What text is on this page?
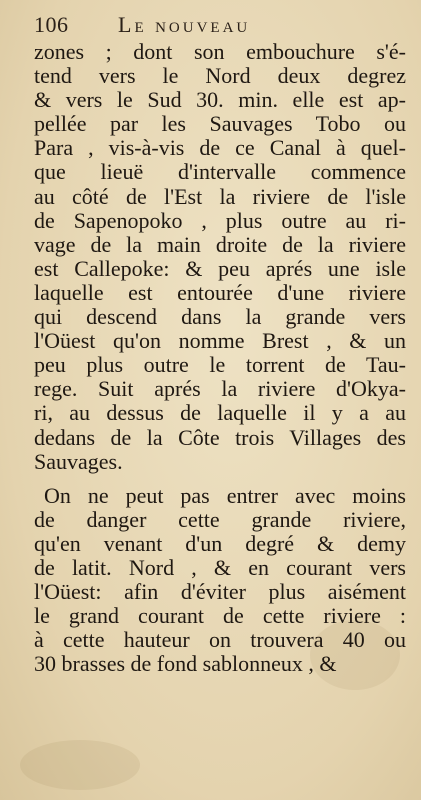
106 Le nouveau
zones ; dont son embouchure s'é-
tend vers le Nord deux degrez
& vers le Sud 30. min. elle est ap-
pellée par les Sauvages Tobo ou
Para , vis-à-vis de ce Canal à quel-
que lieuë d'intervalle commence
au côté de l'Est la riviere de l'isle
de Sapenopoko , plus outre au ri-
vage de la main droite de la riviere
est Callepoke: & peu aprés une isle
laquelle est entourée d'une riviere
qui descend dans la grande vers
l'Oüest qu'on nomme Brest , & un
peu plus outre le torrent de Tau-
rege. Suit aprés la riviere d'Okya-
ri, au dessus de laquelle il y a au
dedans de la Côte trois Villages des
Sauvages.
On ne peut pas entrer avec moins
de danger cette grande riviere,
qu'en venant d'un degré & demy
de latit. Nord , & en courant vers
l'Oüest: afin d'éviter plus aisément
le grand courant de cette riviere :
à cette hauteur on trouvera 40 ou
30 brasses de fond sablonneux , &
